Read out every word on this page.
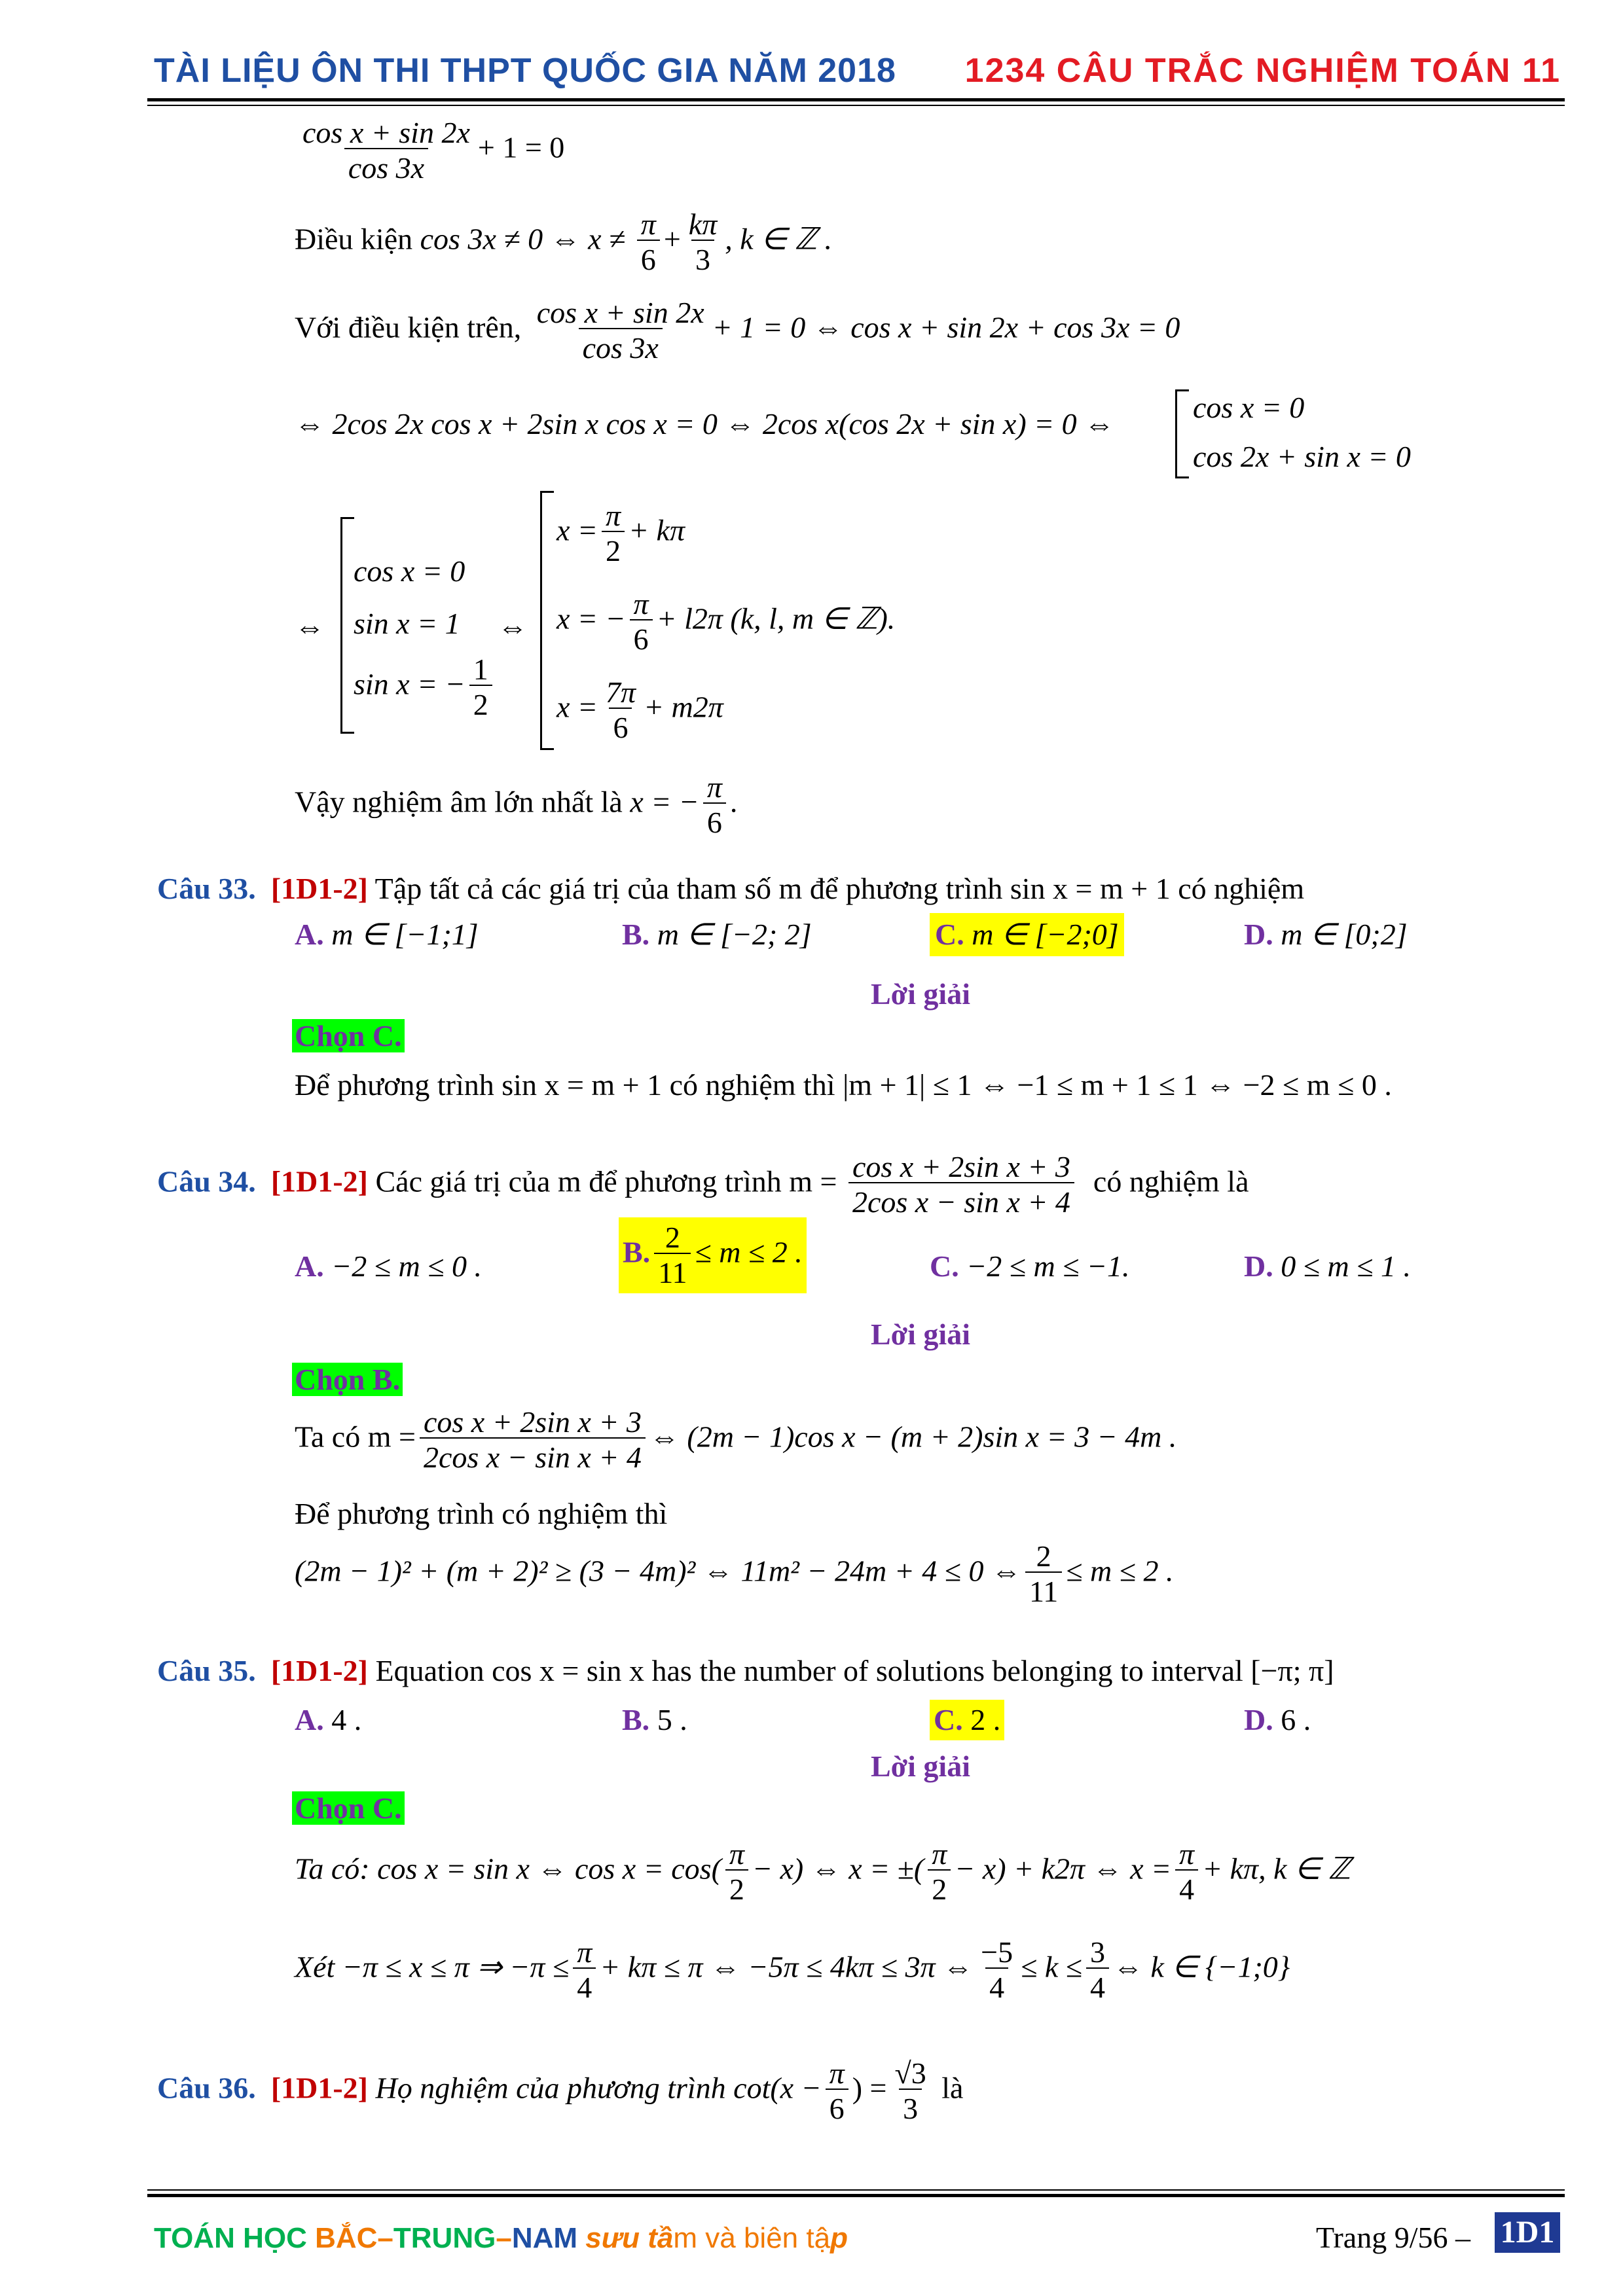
TÀI LIỆU ÔN THI THPT QUỐC GIA NĂM 2018 1234 CÂU TRẮC NGHIỆM TOÁN 11
$\frac{\text{cos x + sin 2x}}{\cos 3x} + 1 = 0$
Điều kiện cos 3x ≠ 0 ⇔ $x \ne \frac{\pi}{6} + \frac{k\pi}{3}$ , k ∈ ℤ .
Với điều kiện trên, $\frac{\text{cos x + sin 2x}}{\cos 3x} + 1 = 0$ ⇔ cos x + sin 2x + cos 3x = 0
⇔ 2cos 2x cos x + 2sin x cos x = 0 ⇔ 2cos x(cos 2x + sin x) = 0 ⇔	cos x = 0
cos 2x + sin x = 0
⇔
cos x = 0
sin x = 1
sin x = − $\frac{1}{2}$
⇔
$x = \frac{\pi}{2} + k\pi$
x = − $\frac{\pi}{6} + l2\pi$ (k, l, m ∈ ℤ).
$x = \frac{7\pi}{6} + m2\pi$
Vậy nghiệm âm lớn nhất là x = − $\frac{\pi}{6}$ .
Câu 33. [1D1-2] Tập tất cả các giá trị của tham số m để phương trình sin x = m + 1 có nghiệm
A. m ∈ [−1;1]	B. m ∈ [−2; 2]	C. m ∈ [−2;0]	D. m ∈ [0;2]
Lời giải
Chọn C.
Để phương trình sin x = m + 1 có nghiệm thì |m + 1| ≤ 1 ⇔ −1 ≤ m + 1 ≤ 1 ⇔ −2 ≤ m ≤ 0 .
Câu 34. [1D1-2] Các giá trị của m để phương trình $m = \frac{\text{cos x + 2sin x + 3}}{\text{2cos x − sin x + 4}}$ có nghiệm là
A. −2 ≤ m ≤ 0 .	B. $\frac{2}{11} \le m \le 2$ .	C. −2 ≤ m ≤ −1.	D. 0 ≤ m ≤ 1 .
Lời giải
Chọn B.
Ta có $m = \frac{\text{cos x + 2sin x + 3}}{\text{2cos x − sin x + 4}}$ ⇔ (2m − 1)cos x − (m + 2)sin x = 3 − 4m .
Để phương trình có nghiệm thì
(2m − 1)² + (m + 2)² ≥ (3 − 4m)² ⇔ 11m² − 24m + 4 ≤ 0 ⇔ $\frac{2}{11} \le m \le 2$ .
Câu 35. [1D1-2] Equation cos x = sin x has the number of solutions belonging to interval [−π; π]
A. 4 .	B. 5 .	C. 2 .	D. 6 .
Lời giải
Chọn C.
Ta có: cos x = sin x ⇔ $\cos x = \cos( \frac{\pi}{2} - x)$ ⇔ x = ±( $\frac{\pi}{2} - x) + k2\pi$ ⇔ $x = \frac{\pi}{4} + k\pi$, k ∈ ℤ
Xét −π ≤ x ≤ π ⇒ $-\pi \le \frac{\pi}{4} + k\pi \le \pi$ ⇔ −5π ≤ 4kπ ≤ 3π ⇔ $\frac{-5}{4} \le k \le \frac{3}{4}$ ⇔ k ∈ {−1;0}
Câu 36. [1D1-2] Họ nghiệm của phương trình $\cot(x - \frac{\pi}{6}$ ) = $\frac{√3}{3}$ là
TOÁN HỌC BẮC–TRUNG–NAM sưu tầm và biên tập	Trang 9/56 – 1D1
